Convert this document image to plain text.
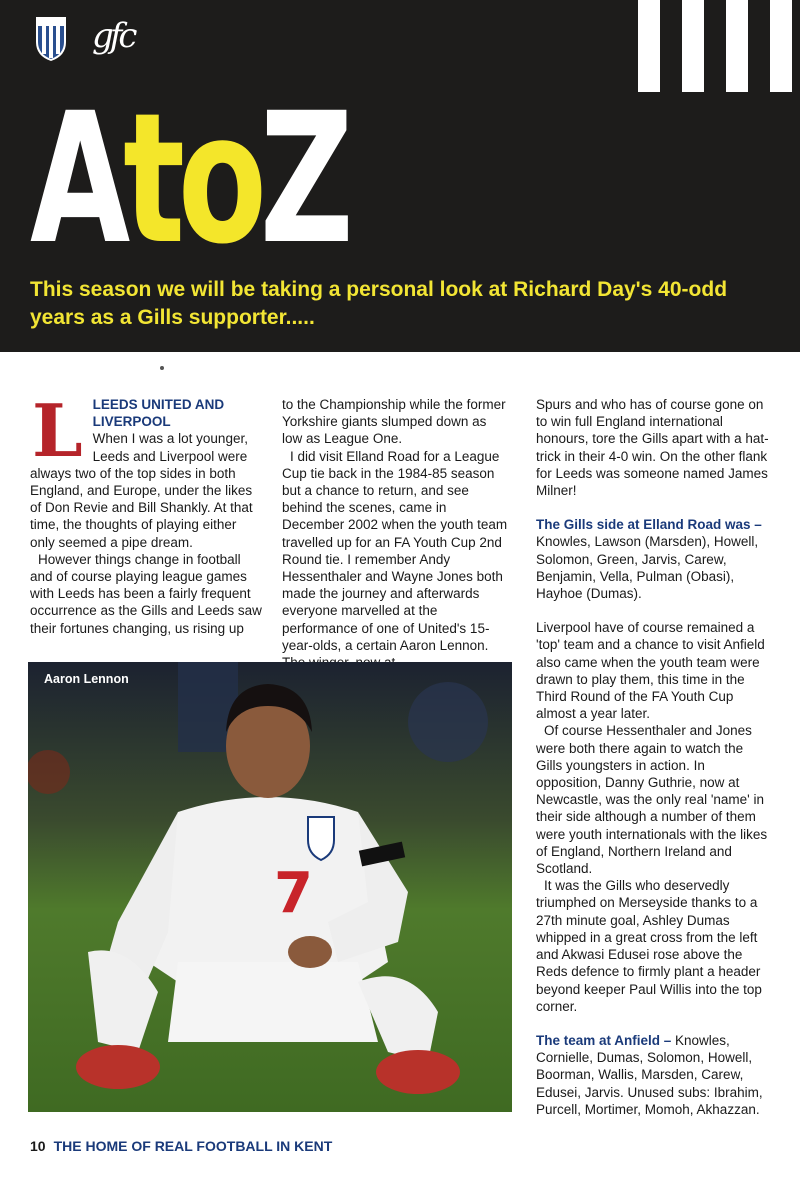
gfc
AtoZ
This season we will be taking a personal look at Richard Day's 40-odd years as a Gills supporter.....
L LEEDS UNITED AND LIVERPOOL

When I was a lot younger, Leeds and Liverpool were always two of the top sides in both England, and Europe, under the likes of Don Revie and Bill Shankly. At that time, the thoughts of playing either only seemed a pipe dream.

However things change in football and of course playing league games with Leeds has been a fairly frequent occurrence as the Gills and Leeds saw their fortunes changing, us rising up

to the Championship while the former Yorkshire giants slumped down as low as League One.

I did visit Elland Road for a League Cup tie back in the 1984-85 season but a chance to return, and see behind the scenes, came in December 2002 when the youth team travelled up for an FA Youth Cup 2nd Round tie. I remember Andy Hessenthaler and Wayne Jones both made the journey and afterwards everyone marvelled at the performance of one of United's 15-year-olds, a certain Aaron Lennon.

Spurs and who has of course gone on to win full England international honours, tore the Gills apart with a hat-trick in their 4-0 win. On the other flank for Leeds was someone named James Milner!

The Gills side at Elland Road was – Knowles, Lawson (Marsden), Howell, Solomon, Green, Jarvis, Carew, Benjamin, Vella, Pulman (Obasi), Hayhoe (Dumas).

Liverpool have of course remained a 'top' team and a chance to visit Anfield also came when the youth team were drawn to play them, this time in the Third Round of the FA Youth Cup almost a year later.

Of course Hessenthaler and Jones were both there again to watch the Gills youngsters in action. In opposition, Danny Guthrie, now at Newcastle, was the only real 'name' in their side although a number of them were youth internationals with the likes of England, Northern Ireland and Scotland.

It was the Gills who deservedly triumphed on Merseyside thanks to a 27th minute goal, Ashley Dumas whipped in a great cross from the left and Akwasi Edusei rose above the Reds defence to firmly plant a header beyond keeper Paul Willis into the top corner.

The team at Anfield – Knowles, Cornielle, Dumas, Solomon, Howell, Boorman, Wallis, Marsden, Carew, Edusei, Jarvis. Unused subs: Ibrahim, Purcell, Mortimer, Momoh, Akhazzan.

Aaron Lennon
7
10 THE HOME OF REAL FOOTBALL IN KENT
